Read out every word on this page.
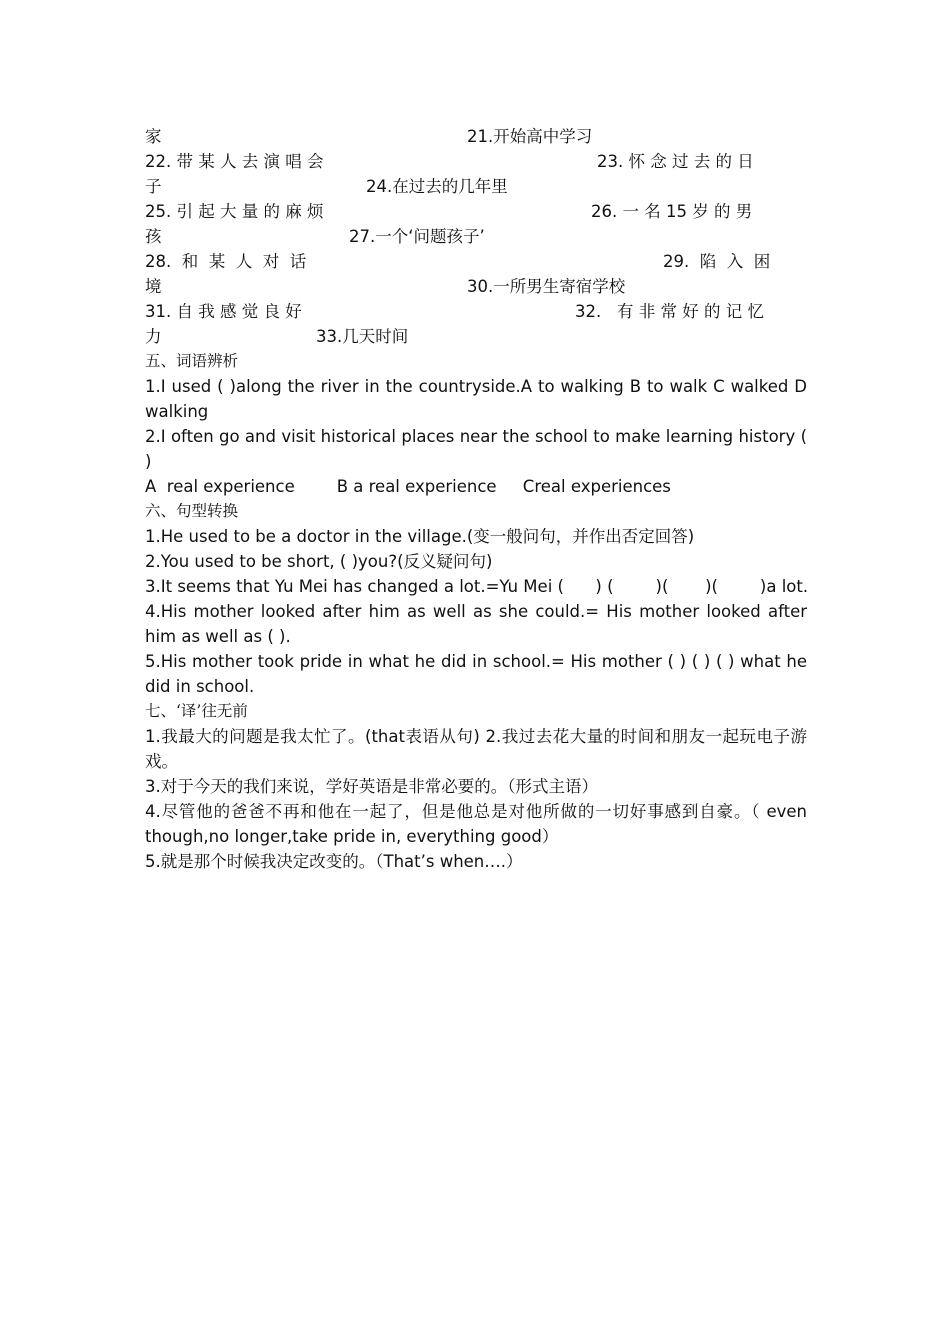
家	21.开始高中学习
22. 带 某 人 去 演 唱 会	23. 怀 念 过 去 的 日
子	24.在过去的几年里
25. 引 起 大 量 的 麻 烦	26. 一 名 15 岁 的 男
孩	27.一个‘问题孩子’
28.  和  某  人  对  话	29.  陷  入  困
境	30.一所男生寄宿学校
31. 自 我 感 觉 良 好	32.   有 非 常 好 的 记 忆
力	33.几天时间
五、词语辨析
1.I used ( )along the river in the countryside.A to walking B to walk C walked D walking
2.I often go and visit historical places near the school to make learning history ( )
A  real experience        B a real experience     Creal experiences
六、句型转换
1.He used to be a doctor in the village.(变一般问句，并作出否定回答)
2.You used to be short, ( )you?(反义疑问句)
3.It seems that Yu Mei has changed a lot.=Yu Mei (      ) (        )(       )(        )a lot.
4.His mother looked after him as well as she could.= His mother looked after him as well as ( ).
5.His mother took pride in what he did in school.= His mother ( ) ( ) ( ) what he did in school.
七、‘译’往无前
1.我最大的问题是我太忙了。(that表语从句) 2.我过去花大量的时间和朋友一起玩电子游戏。
3.对于今天的我们来说，学好英语是非常必要的。（形式主语）
4.尽管他的爸爸不再和他在一起了，但是他总是对他所做的一切好事感到自豪。（ even though,no longer,take pride in, everything good）
5.就是那个时候我决定改变的。（That’s when….）
